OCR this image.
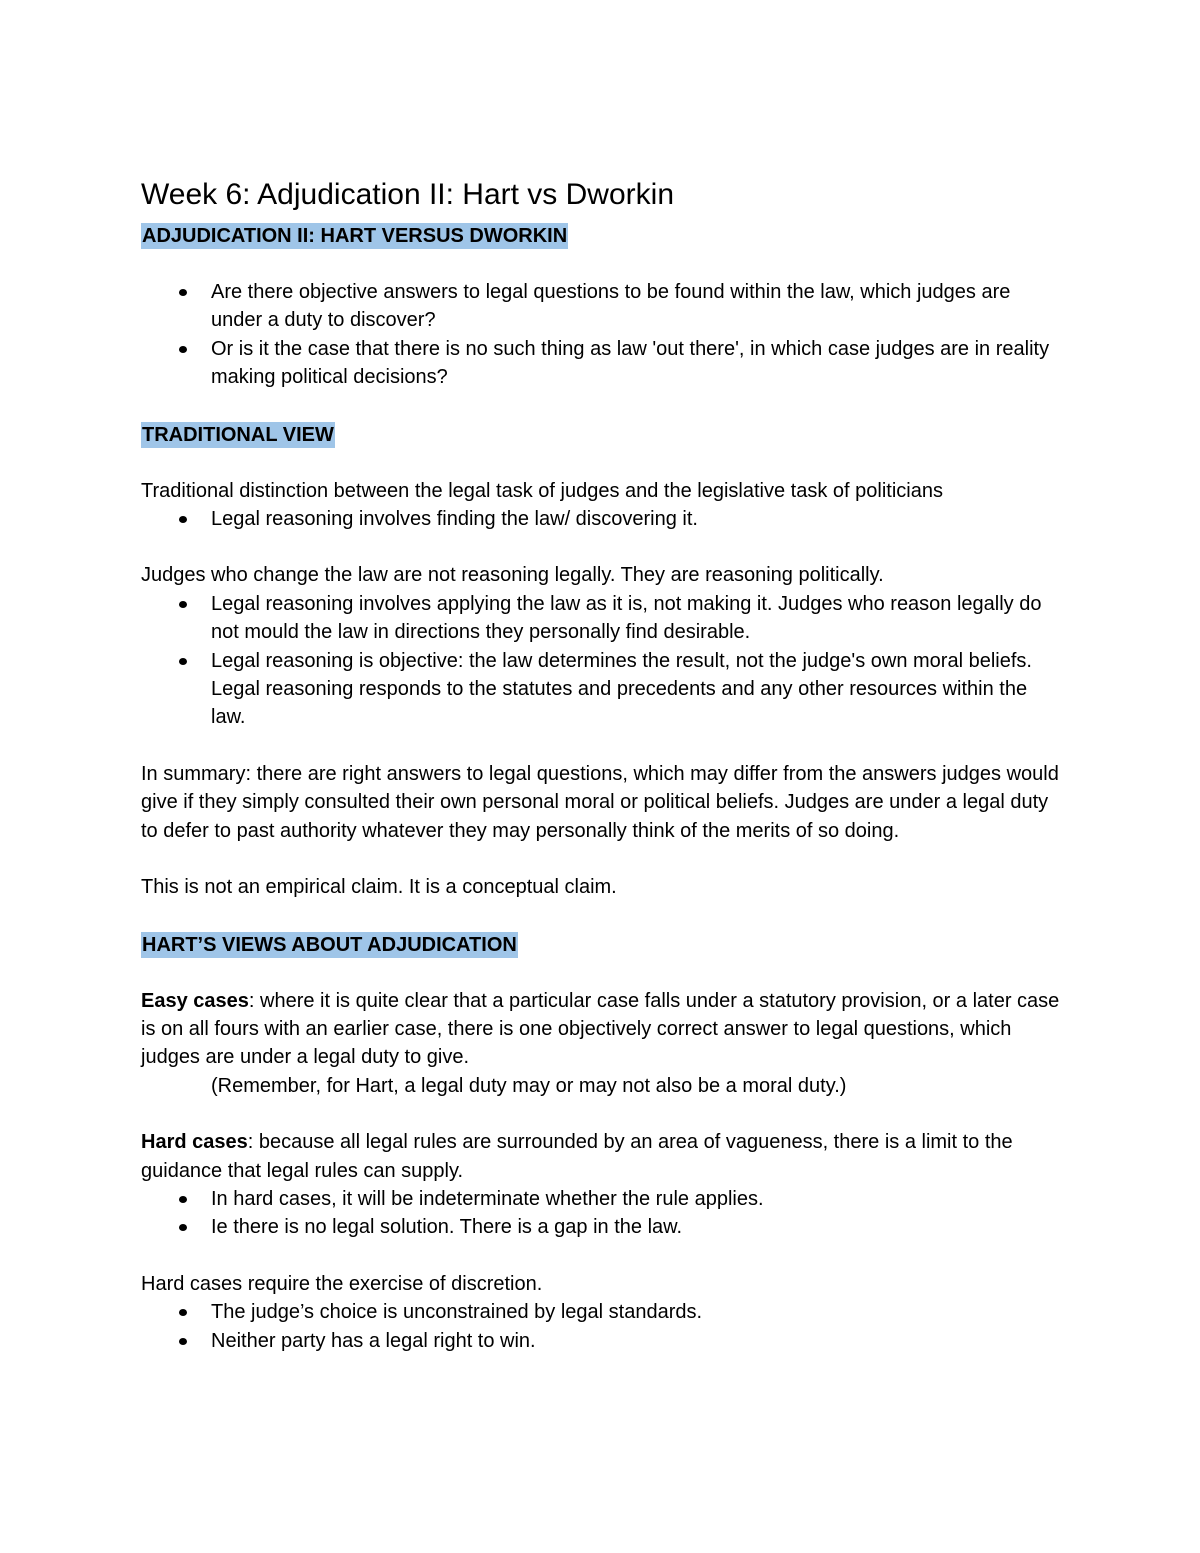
Week 6: Adjudication II: Hart vs Dworkin
ADJUDICATION II: HART VERSUS DWORKIN
Are there objective answers to legal questions to be found within the law, which judges are under a duty to discover?
Or is it the case that there is no such thing as law 'out there', in which case judges are in reality making political decisions?
TRADITIONAL VIEW

Traditional distinction between the legal task of judges and the legislative task of politicians

Legal reasoning involves finding the law/ discovering it.

Judges who change the law are not reasoning legally. They are reasoning politically.

Legal reasoning involves applying the law as it is, not making it. Judges who reason legally do not mould the law in directions they personally find desirable.
Legal reasoning is objective: the law determines the result, not the judge's own moral beliefs. Legal reasoning responds to the statutes and precedents and any other resources within the law.

In summary: there are right answers to legal questions, which may differ from the answers judges would give if they simply consulted their own personal moral or political beliefs. Judges are under a legal duty to defer to past authority whatever they may personally think of the merits of so doing.

This is not an empirical claim. It is a conceptual claim.

HART’S VIEWS ABOUT ADJUDICATION

Easy cases: where it is quite clear that a particular case falls under a statutory provision, or a later case is on all fours with an earlier case, there is one objectively correct answer to legal questions, which judges are under a legal duty to give.

(Remember, for Hart, a legal duty may or may not also be a moral duty.)

Hard cases: because all legal rules are surrounded by an area of vagueness, there is a limit to the guidance that legal rules can supply.

In hard cases, it will be indeterminate whether the rule applies.
Ie there is no legal solution. There is a gap in the law.

Hard cases require the exercise of discretion.

The judge’s choice is unconstrained by legal standards.
Neither party has a legal right to win.
